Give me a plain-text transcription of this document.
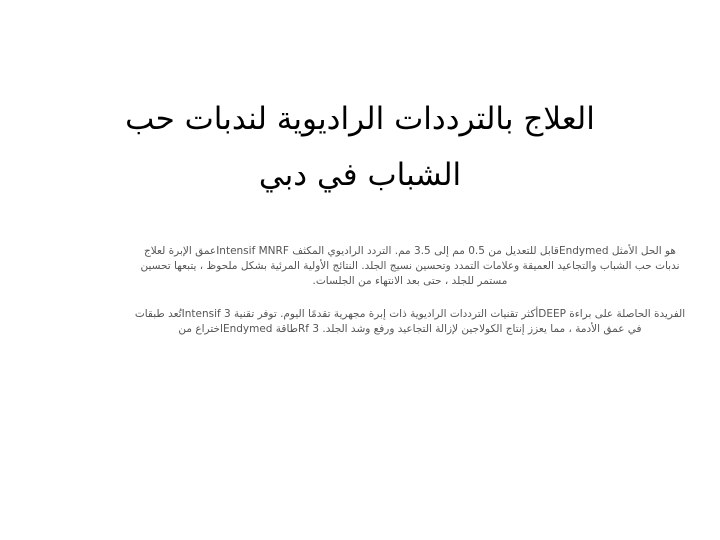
العلاج بالترددات الراديوية لندبات حب
الشباب في دبي

هو الحل الأمثل Endymedقابل للتعديل من 0.5 مم إلى 3.5 مم. التردد الراديوي المكثف Intensif MNRFعمق الإبرة لعلاج ندبات حب الشباب والتجاعيد العميقة وعلامات التمدد وتحسين نسيج الجلد. النتائج الأولية المرئية بشكل ملحوظ ، يتبعها تحسين مستمر للجلد ، حتى بعد الانتهاء من الجلسات.

الفريدة الحاصلة على براءة DEEPأكثر تقنيات الترددات الراديوية ذات إبرة مجهرية تقدمًا اليوم. توفر تقنية Intensif 3تُعد طبقات في عمق الأدمة ، مما يعزز إنتاج الكولاجين لإزالة التجاعيد ورفع وشد الجلد. Rf 3طاقة Endymedاختراع من
